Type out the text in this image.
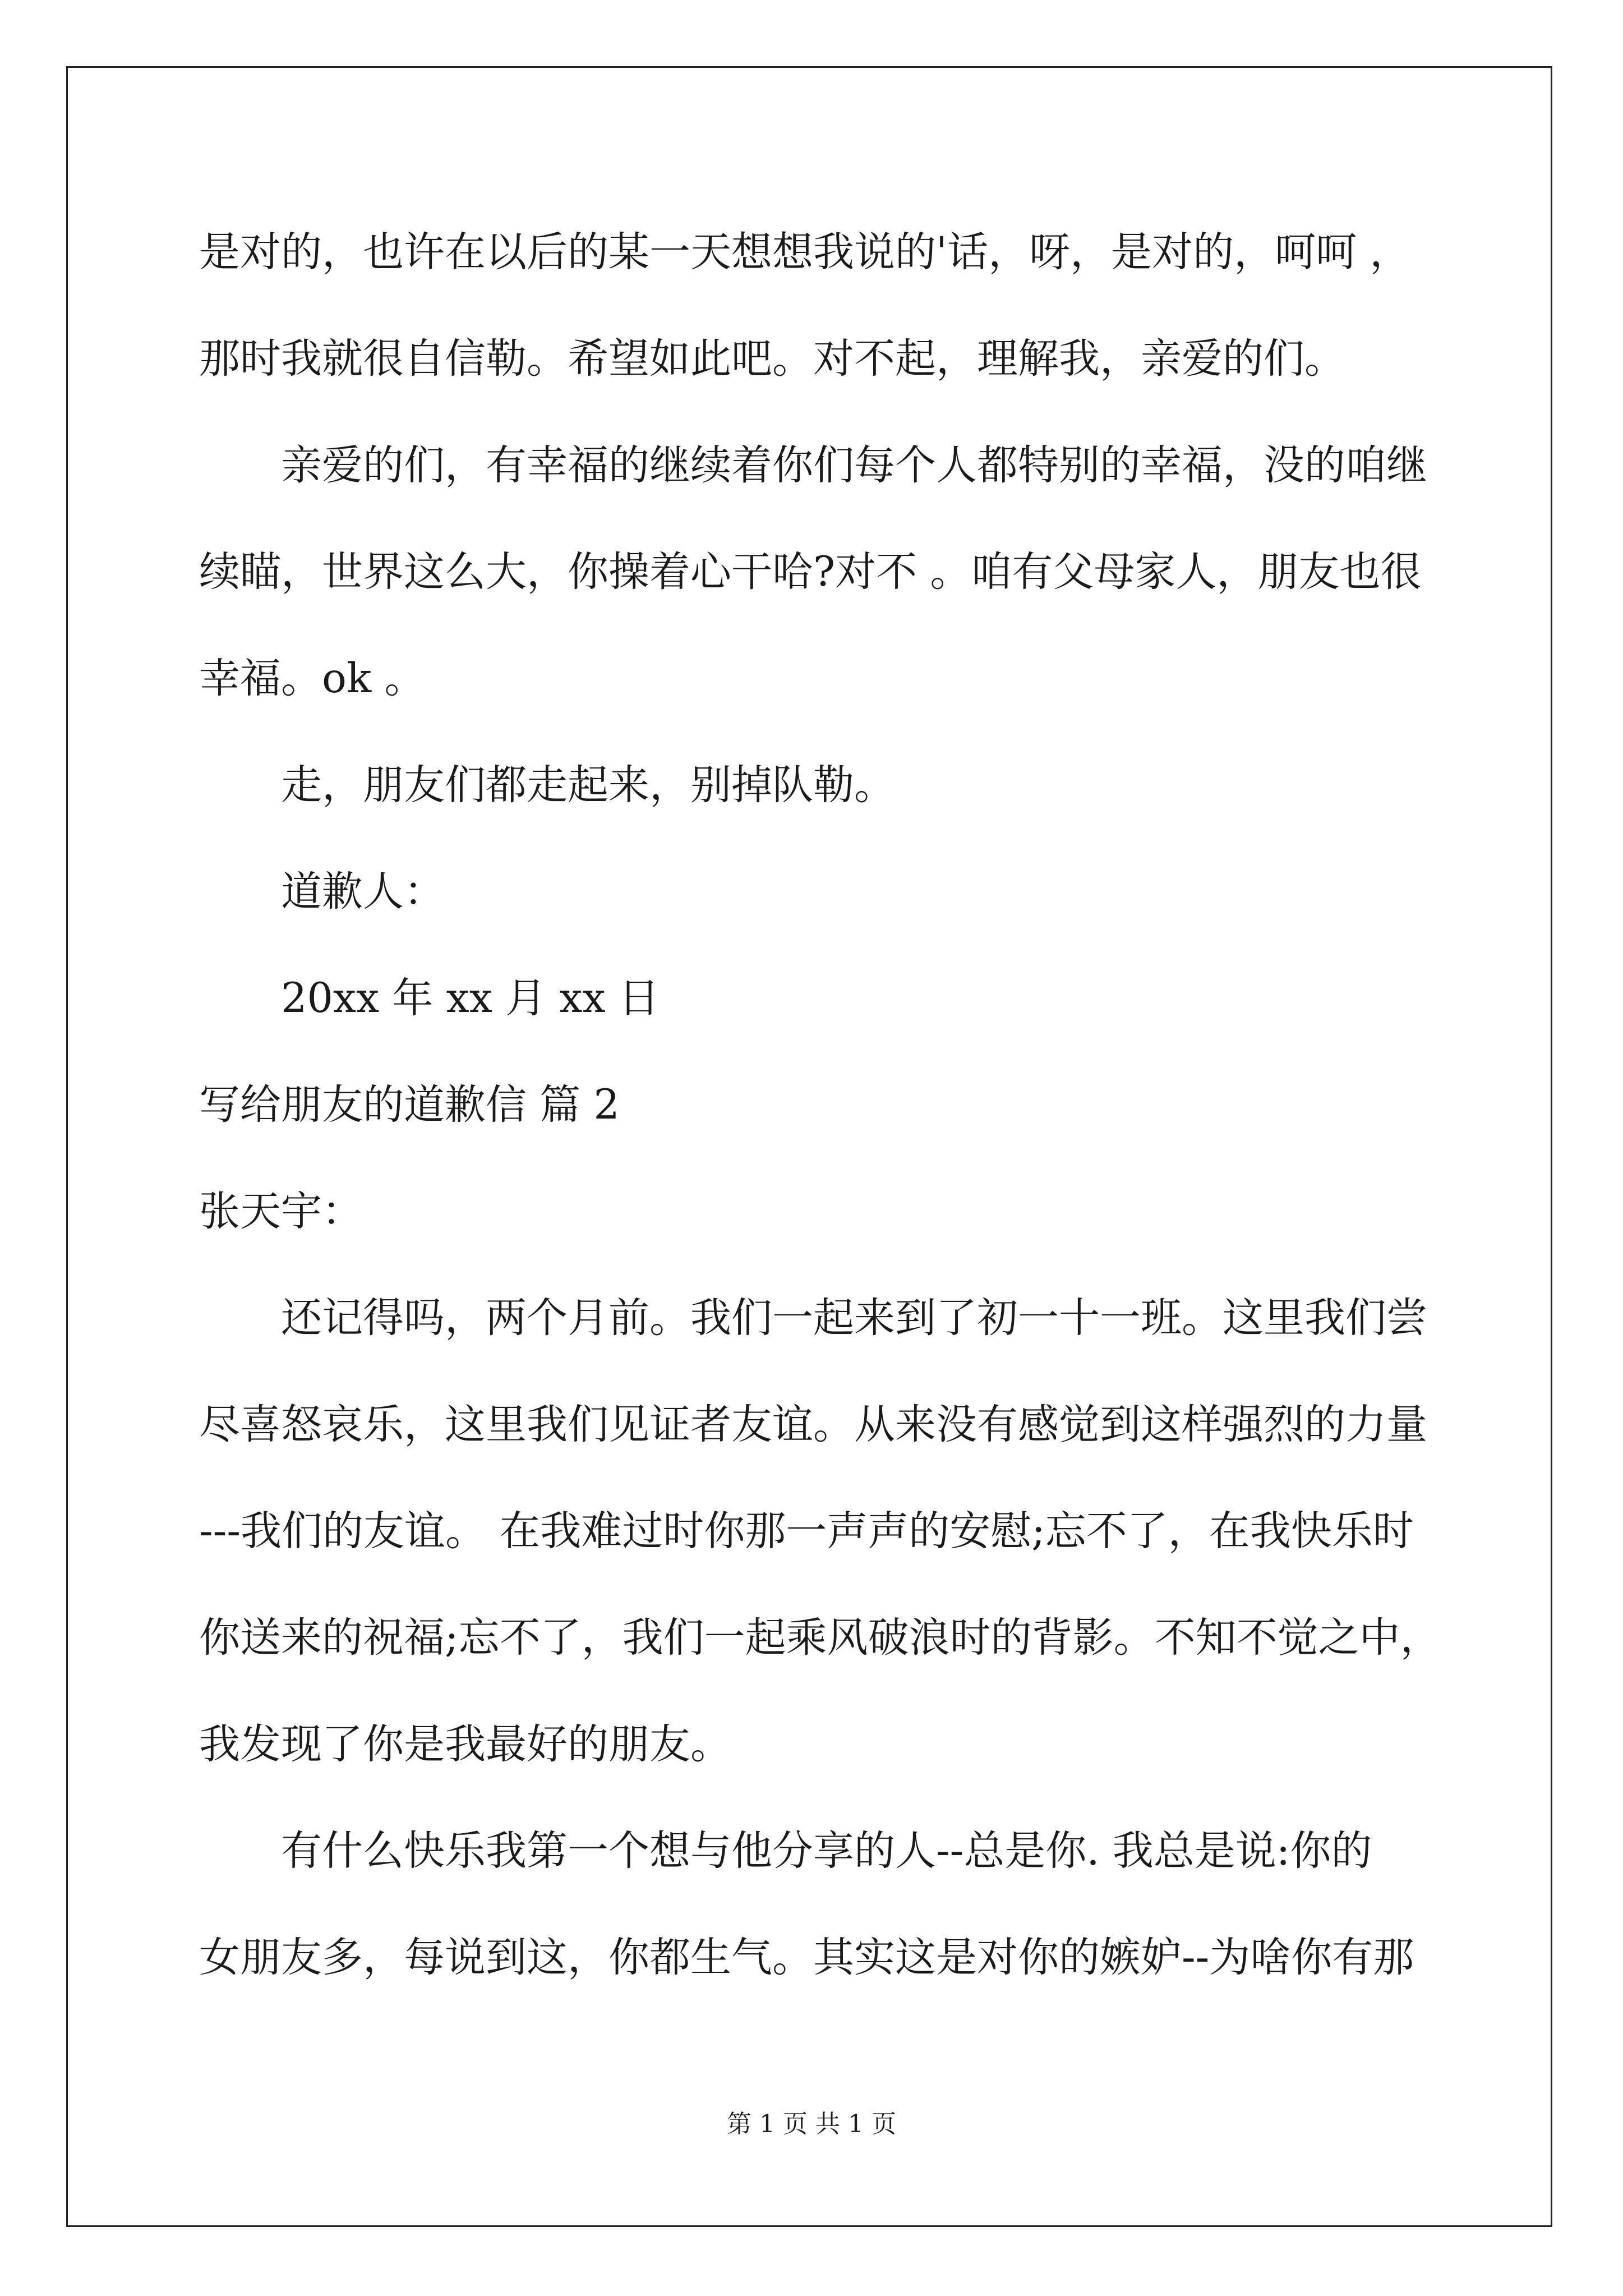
是对的，也许在以后的某一天想想我说的'话，呀，是对的，呵呵 ，
那时我就很自信勒。希望如此吧。对不起，理解我，亲爱的们。
亲爱的们，有幸福的继续着你们每个人都特别的幸福，没的咱继
续瞄，世界这么大，你操着心干哈?对不 。咱有父母家人，朋友也很
幸福。ok 。
走，朋友们都走起来，别掉队勒。
道歉人：
20xx 年 xx 月 xx 日
写给朋友的道歉信 篇 2
张天宇：
还记得吗，两个月前。我们一起来到了初一十一班。这里我们尝
尽喜怒哀乐，这里我们见证者友谊。从来没有感觉到这样强烈的力量
---我们的友谊。 在我难过时你那一声声的安慰;忘不了，在我快乐时
你送来的祝福;忘不了，我们一起乘风破浪时的背影。不知不觉之中，
我发现了你是我最好的朋友。
有什么快乐我第一个想与他分享的人--总是你. 我总是说:你的
女朋友多，每说到这，你都生气。其实这是对你的嫉妒--为啥你有那
第 1 页 共 1 页
